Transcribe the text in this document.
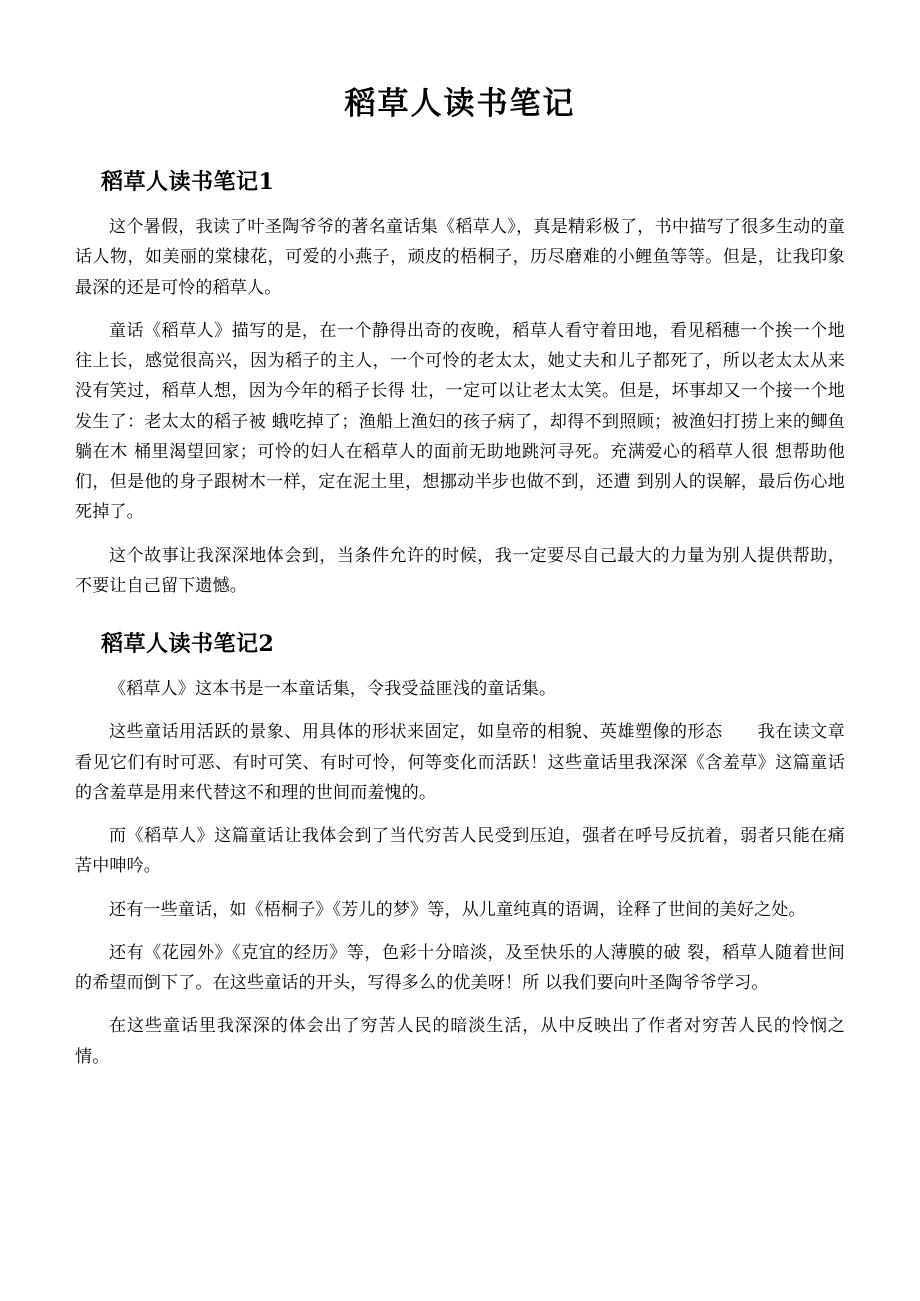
稻草人读书笔记
稻草人读书笔记1

这个暑假，我读了叶圣陶爷爷的著名童话集《稻草人》，真是精彩极了，书中描写了很多生动的童话人物，如美丽的棠棣花，可爱的小燕子，顽皮的梧桐子，历尽磨难的小鲤鱼等等。但是，让我印象最深的还是可怜的稻草人。

童话《稻草人》描写的是，在一个静得出奇的夜晚，稻草人看守着田地，看见稻穗一个挨一个地往上长，感觉很高兴，因为稻子的主人，一个可怜的老太太，她丈夫和儿子都死了，所以老太太从来没有笑过，稻草人想，因为今年的稻子长得 壮，一定可以让老太太笑。但是，坏事却又一个接一个地发生了：老太太的稻子被 蛾吃掉了；渔船上渔妇的孩子病了，却得不到照顾；被渔妇打捞上来的鲫鱼躺在木 桶里渴望回家；可怜的妇人在稻草人的面前无助地跳河寻死。充满爱心的稻草人很 想帮助他们，但是他的身子跟树木一样，定在泥土里，想挪动半步也做不到，还遭 到别人的误解，最后伤心地死掉了。

这个故事让我深深地体会到，当条件允许的时候，我一定要尽自己最大的力量为别人提供帮助，不要让自己留下遗憾。

稻草人读书笔记2

《稻草人》这本书是一本童话集，令我受益匪浅的童话集。

这些童话用活跃的景象、用具体的形状来固定，如皇帝的相貌、英雄塑像的形态　　我在读文章看见它们有时可恶、有时可笑、有时可怜，何等变化而活跃！这些童话里我深深《含羞草》这篇童话的含羞草是用来代替这不和理的世间而羞愧的。

而《稻草人》这篇童话让我体会到了当代穷苦人民受到压迫，强者在呼号反抗着，弱者只能在痛苦中呻吟。

还有一些童话，如《梧桐子》《芳儿的梦》等，从儿童纯真的语调，诠释了世间的美好之处。

还有《花园外》《克宜的经历》等，色彩十分暗淡，及至快乐的人薄膜的破 裂，稻草人随着世间的希望而倒下了。在这些童话的开头，写得多么的优美呀！所 以我们要向叶圣陶爷爷学习。

在这些童话里我深深的体会出了穷苦人民的暗淡生活，从中反映出了作者对穷苦人民的怜悯之情。
